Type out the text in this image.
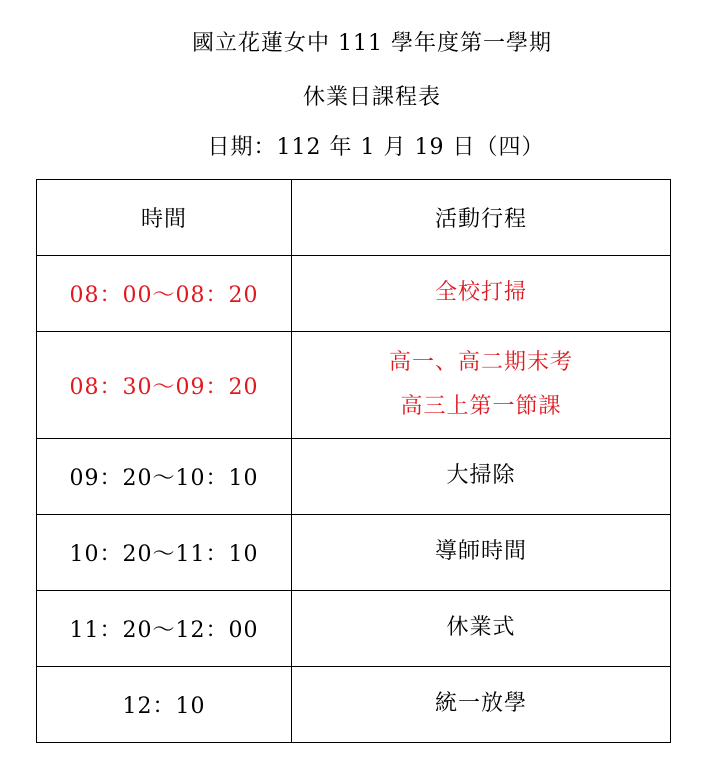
國立花蓮女中 111 學年度第一學期
休業日課程表
日期：112 年 1 月 19 日（四）
時間	活動行程
08：00～08：20	全校打掃

08：30～09：20	高一、高二期末考
高三上第一節課

09：20～10：10	大掃除

10：20～11：10	導師時間

11：20～12：00	休業式

12：10	統一放學
